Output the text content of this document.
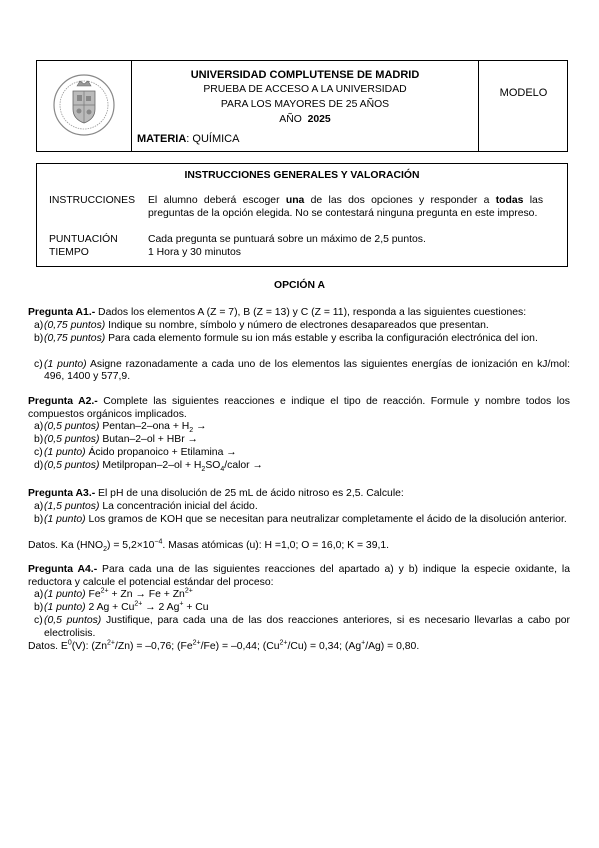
UNIVERSIDAD COMPLUTENSE DE MADRID
PRUEBA DE ACCESO A LA UNIVERSIDAD
PARA LOS MAYORES DE 25 AÑOS
AÑO 2025
MATERIA: QUÍMICA
MODELO
INSTRUCCIONES GENERALES Y VALORACIÓN
INSTRUCCIONES El alumno deberá escoger una de las dos opciones y responder a todas las preguntas de la opción elegida. No se contestará ninguna pregunta en este impreso.
PUNTUACIÓN	Cada pregunta se puntuará sobre un máximo de 2,5 puntos.
TIEMPO	1 Hora y 30 minutos
OPCIÓN A
Pregunta A1.- Dados los elementos A (Z = 7), B (Z = 13) y C (Z = 11), responda a las siguientes cuestiones:
a) (0,75 puntos) Indique su nombre, símbolo y número de electrones desapareados que presentan.
b) (0,75 puntos) Para cada elemento formule su ion más estable y escriba la configuración electrónica del ion.
c) (1 punto) Asigne razonadamente a cada uno de los elementos las siguientes energías de ionización en kJ/mol: 496, 1400 y 577,9.
Pregunta A2.- Complete las siguientes reacciones e indique el tipo de reacción. Formule y nombre todos los compuestos orgánicos implicados.
a) (0,5 puntos) $Pentan-2-ona + H_2$ →
b) (0,5 puntos) Butan–2–ol + HBr →
c) (1 punto) Ácido propanoico + Etilamina →
d) (0,5 puntos) Metilpropan–2–ol + $H_2SO_4$/calor →
Pregunta A3.- El pH de una disolución de 25 mL de ácido nitroso es 2,5. Calcule:
a) (1,5 puntos) La concentración inicial del ácido.
b) (1 punto) Los gramos de KOH que se necesitan para neutralizar completamente el ácido de la disolución anterior.
Datos. Ka $(HNO_2) = 5,2\times 10^{-4}$. Masas atómicas (u): H =1,0; O = 16,0; K = 39,1.
Pregunta A4.- Para cada una de las siguientes reacciones del apartado a) y b) indique la especie oxidante, la reductora y calcule el potencial estándar del proceso:
a) (1 punto) $Fe^{2+} + Zn \to Fe + Zn^{2+}$
b) (1 punto) 2 $Ag + Cu^{2+} \to 2$ Ag+ + Cu
c) (0,5 puntos) Justifique, para cada una de las dos reacciones anteriores, si es necesario llevarlas a cabo por electrolisis.
Datos. $E^0(V)$: $(Zn^{2+}/Zn) = -0,76$; $(Fe^{2+}/Fe) = -0,44$; $(Cu^{2+}/Cu) = 0,34$; (Ag+/Ag) = 0,80.
